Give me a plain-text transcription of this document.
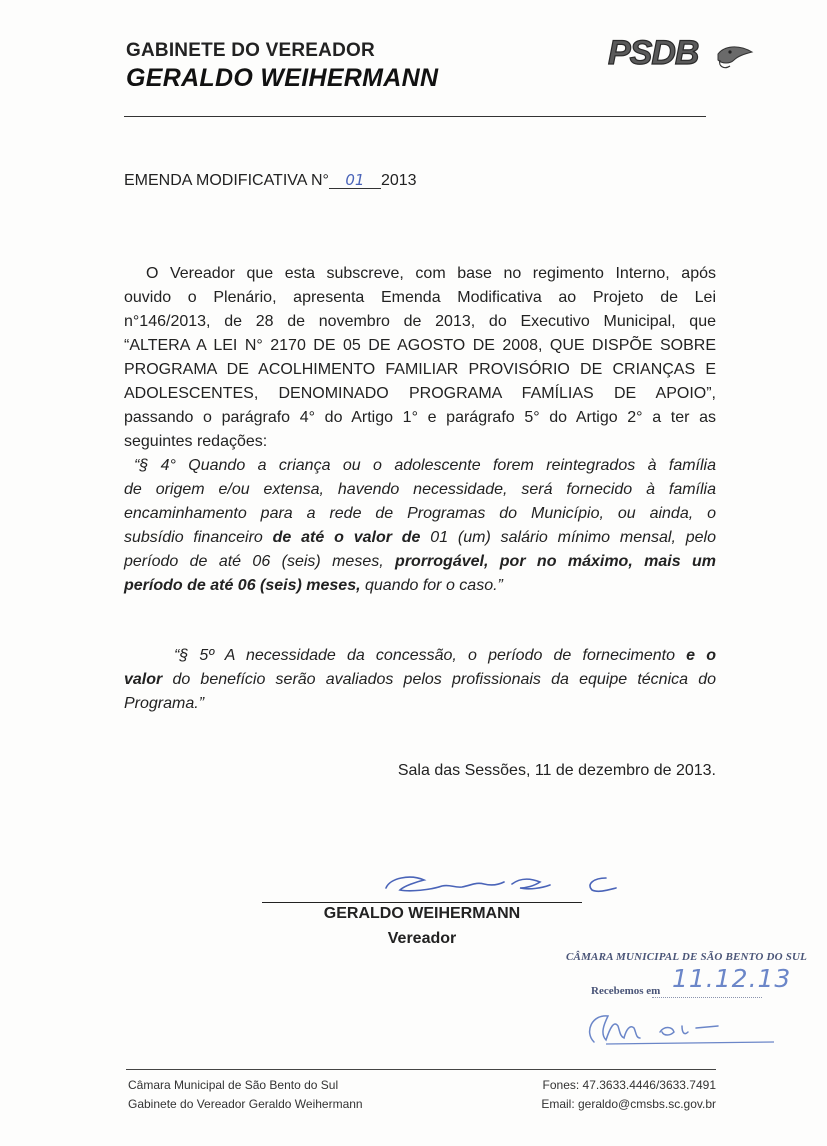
GABINETE DO VEREADOR
GERALDO WEIHERMANN
PSDB
EMENDA MODIFICATIVA N° 01 2013
O Vereador que esta subscreve, com base no regimento Interno, após
ouvido o Plenário, apresenta Emenda Modificativa ao Projeto de Lei
n°146/2013, de 28 de novembro de 2013, do Executivo Municipal, que
“ALTERA A LEI N° 2170 DE 05 DE AGOSTO DE 2008, QUE DISPÕE SOBRE
PROGRAMA DE ACOLHIMENTO FAMILIAR PROVISÓRIO DE CRIANÇAS E
ADOLESCENTES, DENOMINADO PROGRAMA FAMÍLIAS DE APOIO”,
passando o parágrafo 4° do Artigo 1° e parágrafo 5° do Artigo 2° a ter as
seguintes redações:
“§ 4° Quando a criança ou o adolescente forem reintegrados à família
de origem e/ou extensa, havendo necessidade, será fornecido à família
encaminhamento para a rede de Programas do Município, ou ainda, o
subsídio financeiro de até o valor de 01 (um) salário mínimo mensal, pelo
período de até 06 (seis) meses, prorrogável, por no máximo, mais um
período de até 06 (seis) meses, quando for o caso.”
“§ 5º A necessidade da concessão, o período de fornecimento e o
valor do benefício serão avaliados pelos profissionais da equipe técnica do
Programa.”
Sala das Sessões, 11 de dezembro de 2013.
GERALDO WEIHERMANN
Vereador
CÂMARA MUNICIPAL DE SÃO BENTO DO SUL
Recebemos em 11.12.13
Câmara Municipal de São Bento do Sul
Gabinete do Vereador Geraldo Weihermann
Fones: 47.3633.4446/3633.7491
Email: geraldo@cmsbs.sc.gov.br
